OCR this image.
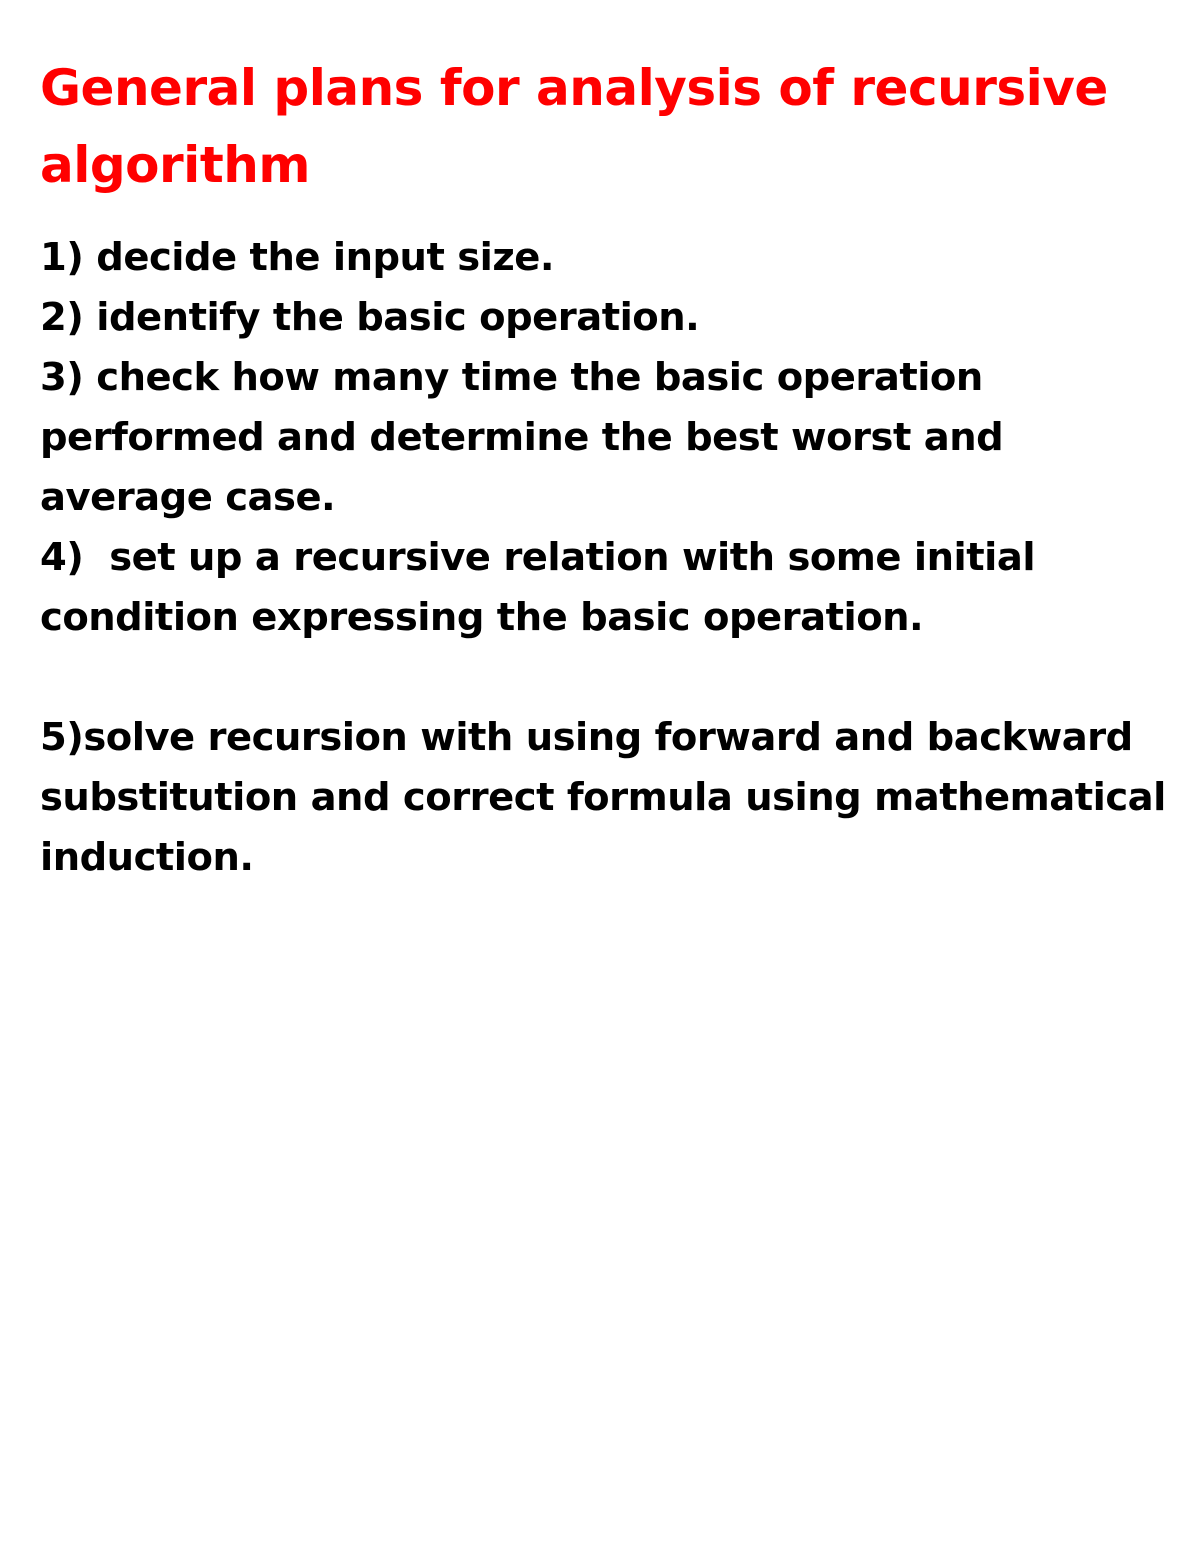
General plans for analysis of recursive
algorithm
1) decide the input size.
2) identify the basic operation.
3) check how many time the basic operation
performed and determine the best worst and
average case.
4)  set up a recursive relation with some initial
condition expressing the basic operation.
5)solve recursion with using forward and backward
substitution and correct formula using mathematical
induction.
